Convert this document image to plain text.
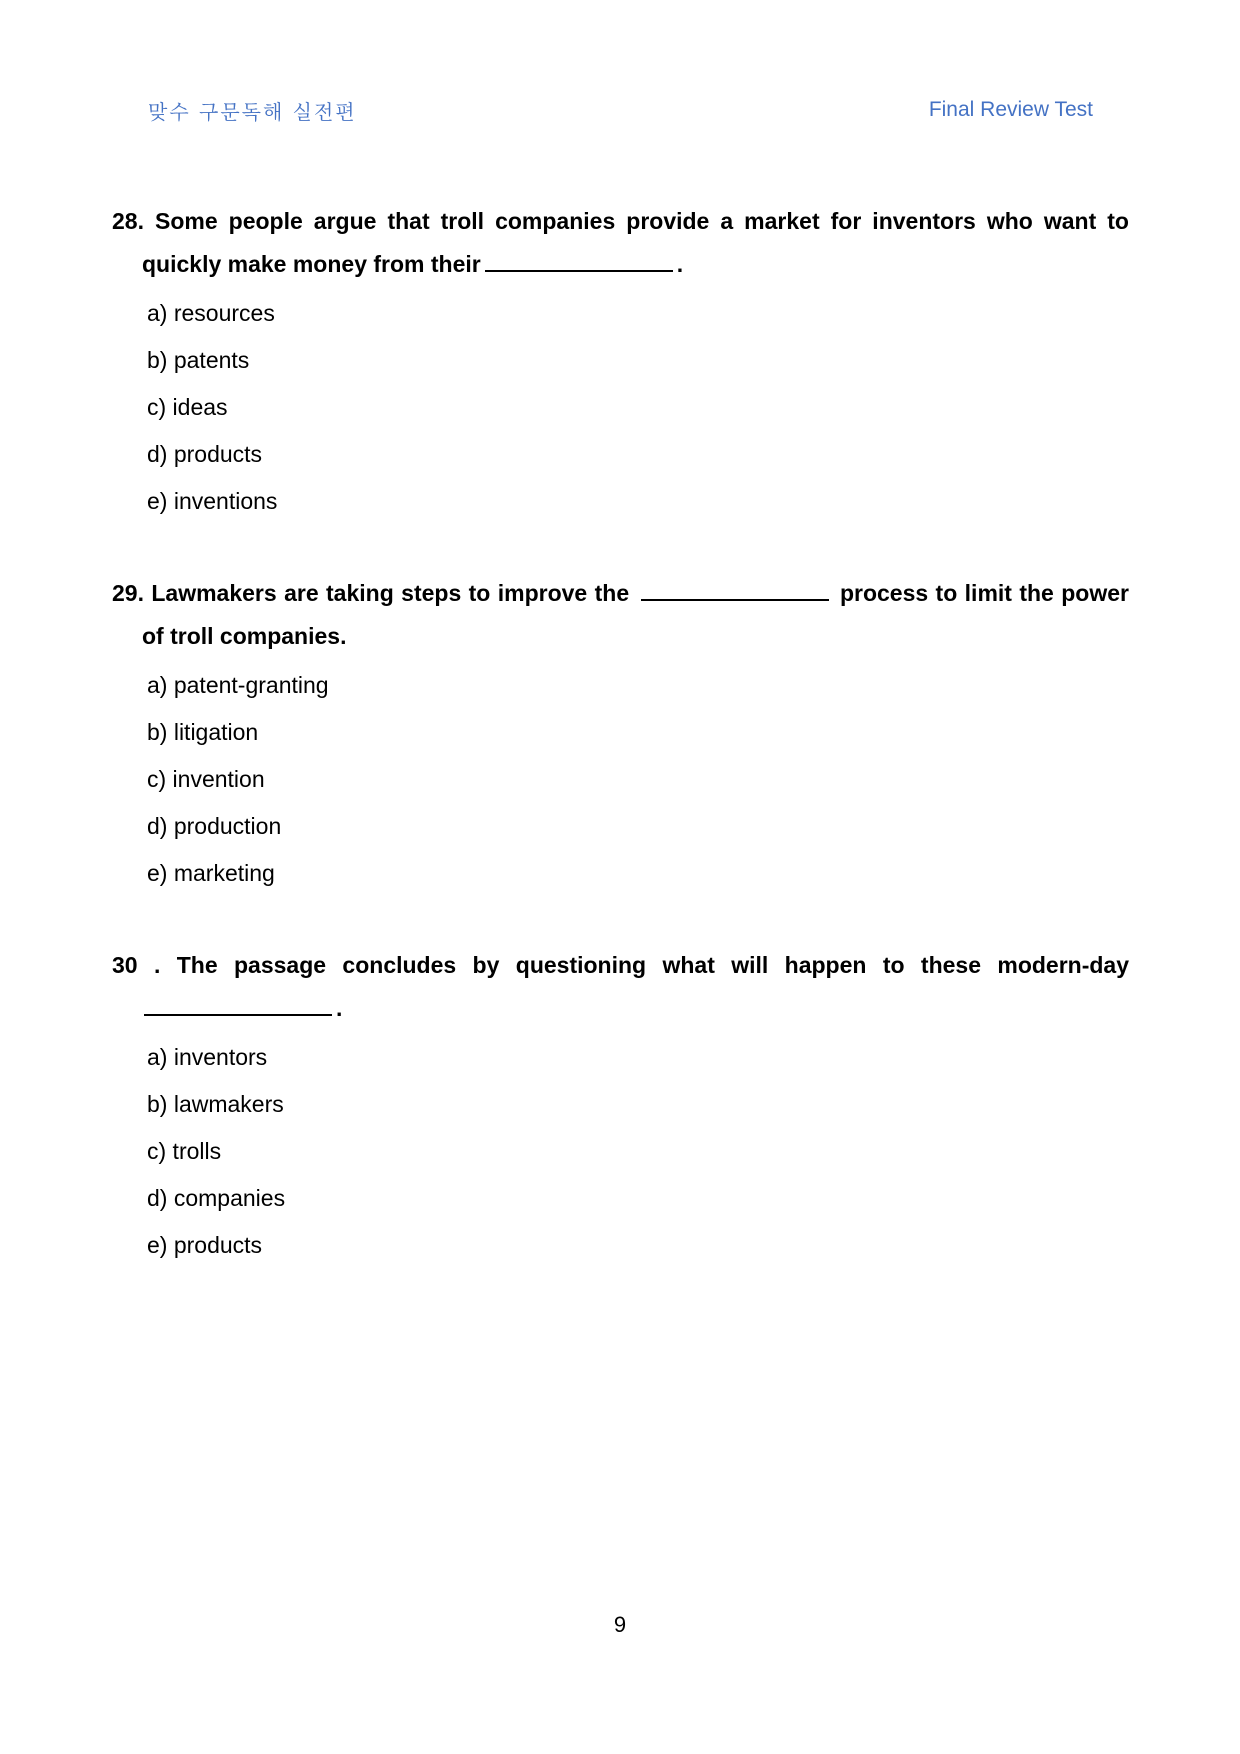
맞수 구문독해 실전편	Final Review Test
28. Some people argue that troll companies provide a market for inventors who want to
quickly make money from their	.
a) resources
b) patents
c) ideas
d) products
e) inventions
29. Lawmakers are taking steps to improve the	process to limit the power
of troll companies.
a) patent-granting
b) litigation
c) invention
d) production
e) marketing
30 . The passage concludes by questioning what will happen to these modern-day
.
a) inventors
b) lawmakers
c) trolls
d) companies
e) products
9
